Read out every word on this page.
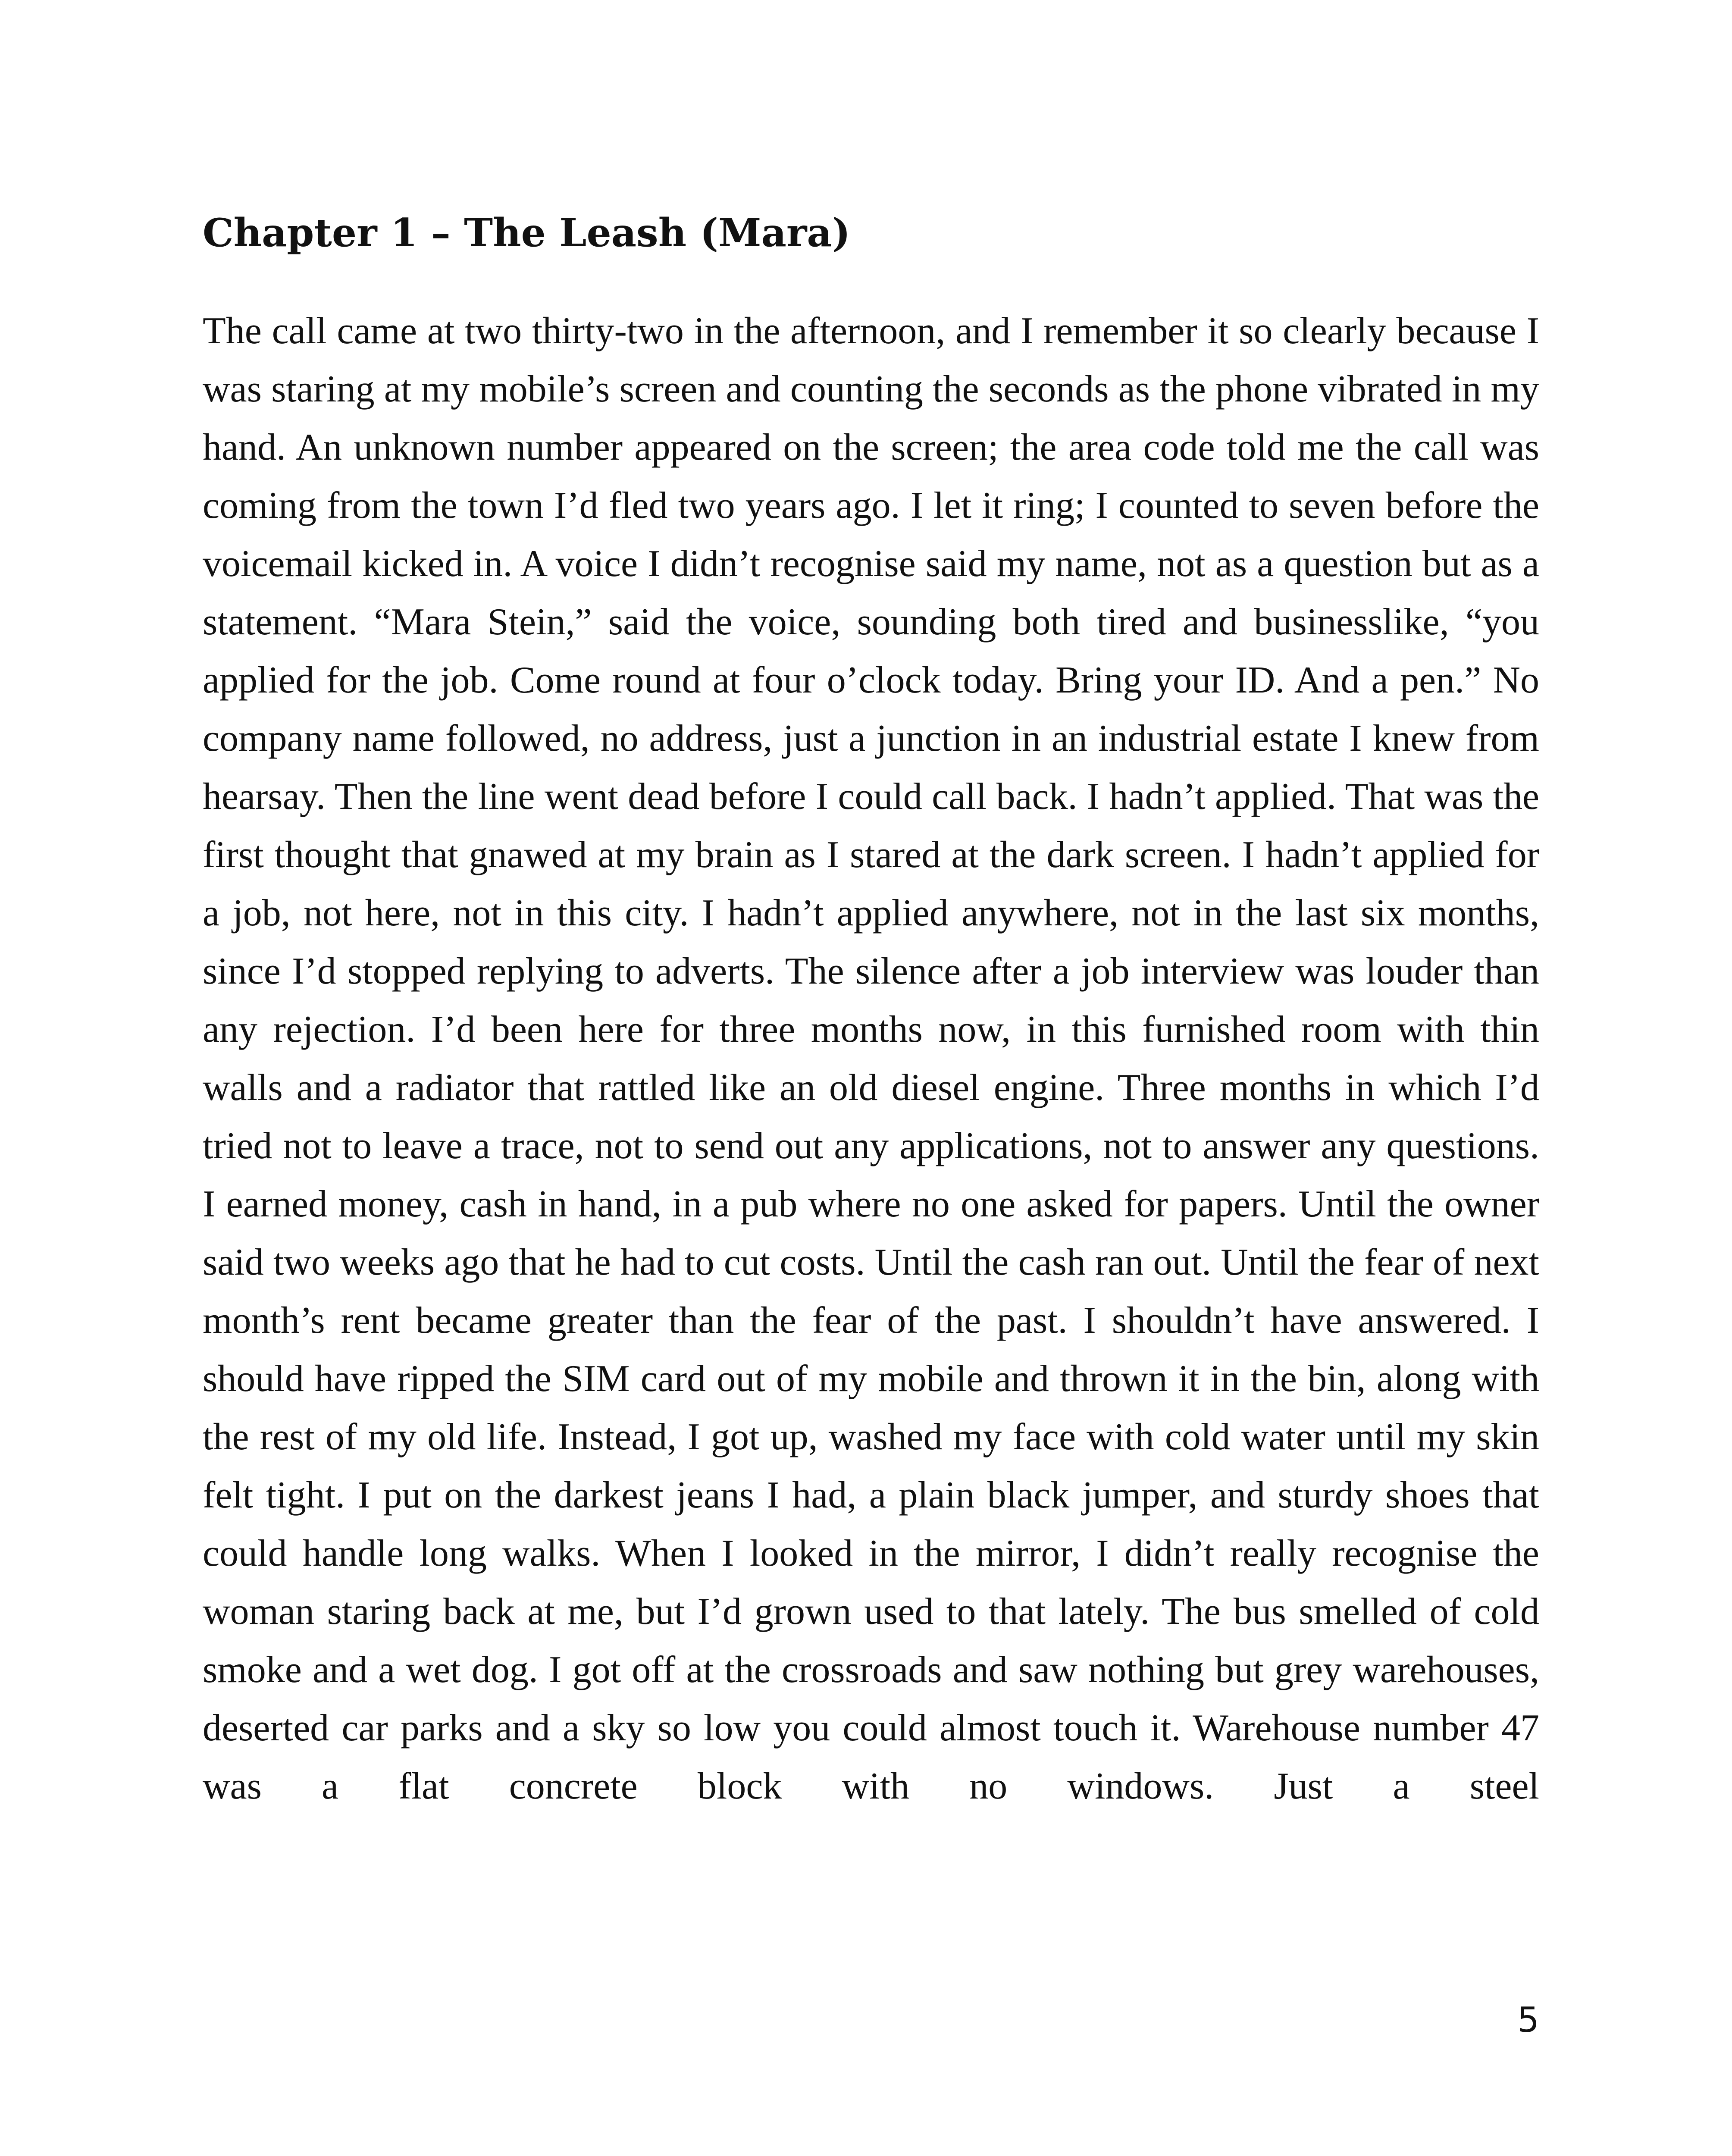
Chapter 1 – The Leash (Mara)

The call came at two thirty-two in the afternoon, and I remember it so clearly because I was staring at my mobile’s screen and counting the seconds as the phone vibrated in my hand. An unknown number appeared on the screen; the area code told me the call was coming from the town I’d fled two years ago. I let it ring; I counted to seven before the voicemail kicked in. A voice I didn’t recognise said my name, not as a question but as a statement. “Mara Stein,” said the voice, sounding both tired and businesslike, “you applied for the job. Come round at four o’clock today. Bring your ID. And a pen.” No company name followed, no address, just a junction in an industrial estate I knew from hearsay. Then the line went dead before I could call back. I hadn’t applied. That was the first thought that gnawed at my brain as I stared at the dark screen. I hadn’t applied for a job, not here, not in this city. I hadn’t applied anywhere, not in the last six months, since I’d stopped replying to adverts. The silence after a job interview was louder than any rejection. I’d been here for three months now, in this furnished room with thin walls and a radiator that rattled like an old diesel engine. Three months in which I’d tried not to leave a trace, not to send out any applications, not to answer any questions. I earned money, cash in hand, in a pub where no one asked for papers. Until the owner said two weeks ago that he had to cut costs. Until the cash ran out. Until the fear of next month’s rent became greater than the fear of the past. I shouldn’t have answered. I should have ripped the SIM card out of my mobile and thrown it in the bin, along with the rest of my old life. Instead, I got up, washed my face with cold water until my skin felt tight. I put on the darkest jeans I had, a plain black jumper, and sturdy shoes that could handle long walks. When I looked in the mirror, I didn’t really recognise the woman staring back at me, but I’d grown used to that lately. The bus smelled of cold smoke and a wet dog. I got off at the crossroads and saw nothing but grey warehouses, deserted car parks and a sky so low you could almost touch it. Warehouse number 47 was a flat concrete block with no windows. Just a steel

5
